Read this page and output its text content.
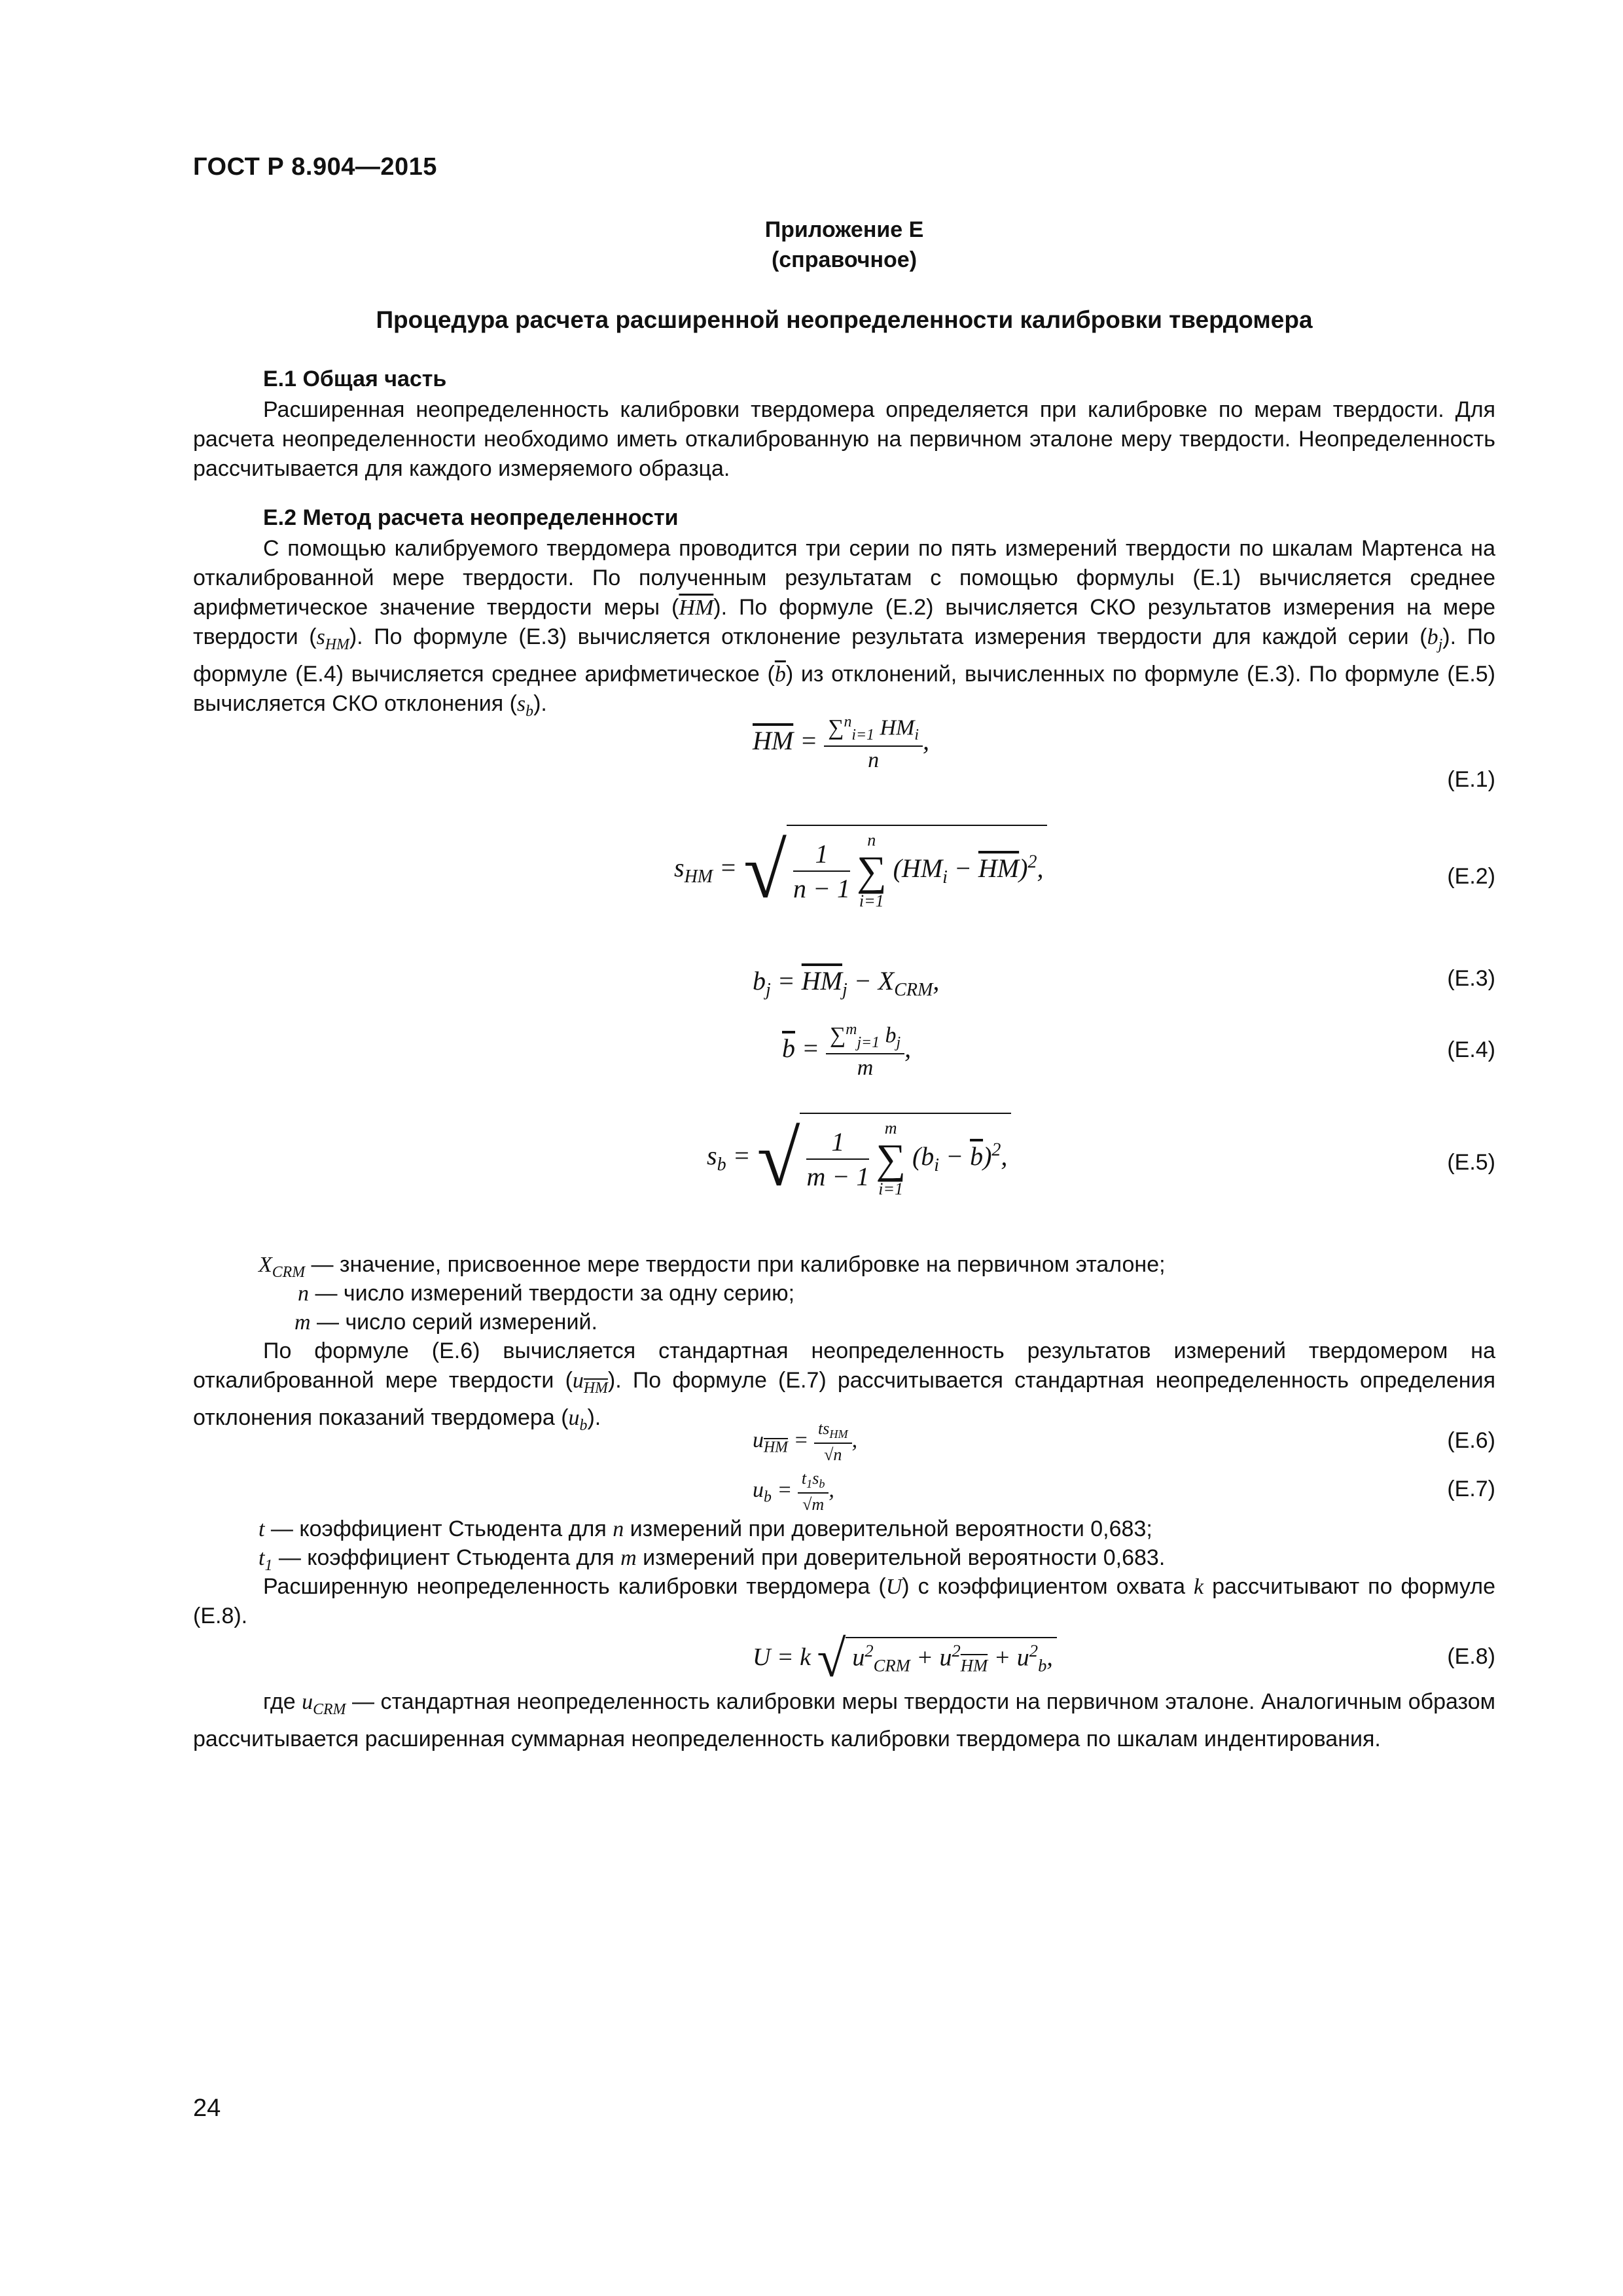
ГОСТ Р 8.904—2015
Приложение Е
(справочное)
Процедура расчета расширенной неопределенности калибровки твердомера
Е.1 Общая часть
Расширенная неопределенность калибровки твердомера определяется при калибровке по мерам твердости. Для расчета неопределенности необходимо иметь откалиброванную на первичном эталоне меру твердости. Неопределенность рассчитывается для каждого измеряемого образца.
Е.2 Метод расчета неопределенности
С помощью калибруемого твердомера проводится три серии по пять измерений твердости по шкалам Мартенса на откалиброванной мере твердости. По полученным результатам с помощью формулы (Е.1) вычисляется среднее арифметическое значение твердости меры $(\overline{HM})$. По формуле (Е.2) вычисляется СКО результатов измерения на мере твердости $(s_{HM})$. По формуле (Е.3) вычисляется отклонение результата измерения твердости для каждой серии $(b_j)$. По формуле (Е.4) вычисляется среднее арифметическое $(\overline{b})$ из отклонений, вычисленных по формуле (Е.3). По формуле (Е.5) вычисляется СКО отклонения $(s_b)$.
$\overline{HM} = \frac{\sum^n_{i=1} HM_i}{n}$ ,
(Е.1)
$s_{HM}$ = √ $\frac{1}{n - 1}$
	n
∑
i=1
$(HM_i - \overline{HM})^2$,	(Е.2)
$b_j = \overline{HM}_j - X_{CRM}$,	(Е.3)
$\overline{b} = \frac{\sum^m_{j=1} b_j}{m}$ ,	(Е.4)
$s_b$ = √ $\frac{1}{m - 1}$
m
∑
i=1
$(b_i - \overline{b})^2$,	(Е.5)
$X_{CRM}$ — значение, присвоенное мере твердости при калибровке на первичном эталоне;
n — число измерений твердости за одну серию;
m — число серий измерений.
По формуле (Е.6) вычисляется стандартная неопределенность результатов измерений твердомером на откалиброванной мере твердости $(u_{\overline{HM}})$. По формуле (Е.7) рассчитывается стандартная неопределенность определения отклонения показаний твердомера $(u_b)$.
$u_{\overline{HM}} = \frac{ts_{HM}}{√n}$ ,	(Е.6)
$u_b = \frac{t_1s_b}{√m}$ ,	(Е.7)
t — коэффициент Стьюдента для n измерений при доверительной вероятности 0,683;
$t_1$ — коэффициент Стьюдента для m измерений при доверительной вероятности 0,683.
Расширенную неопределенность калибровки твердомера (U) с коэффициентом охвата k рассчитывают по формуле (Е.8).
U = k $√u^2_{CRM} + u^2_{\overline{HM}} + u^2_b$,	(Е.8)
где $u_{CRM}$ — стандартная неопределенность калибровки меры твердости на первичном эталоне. Аналогичным образом рассчитывается расширенная суммарная неопределенность калибровки твердомера по шкалам индентирования.
24
